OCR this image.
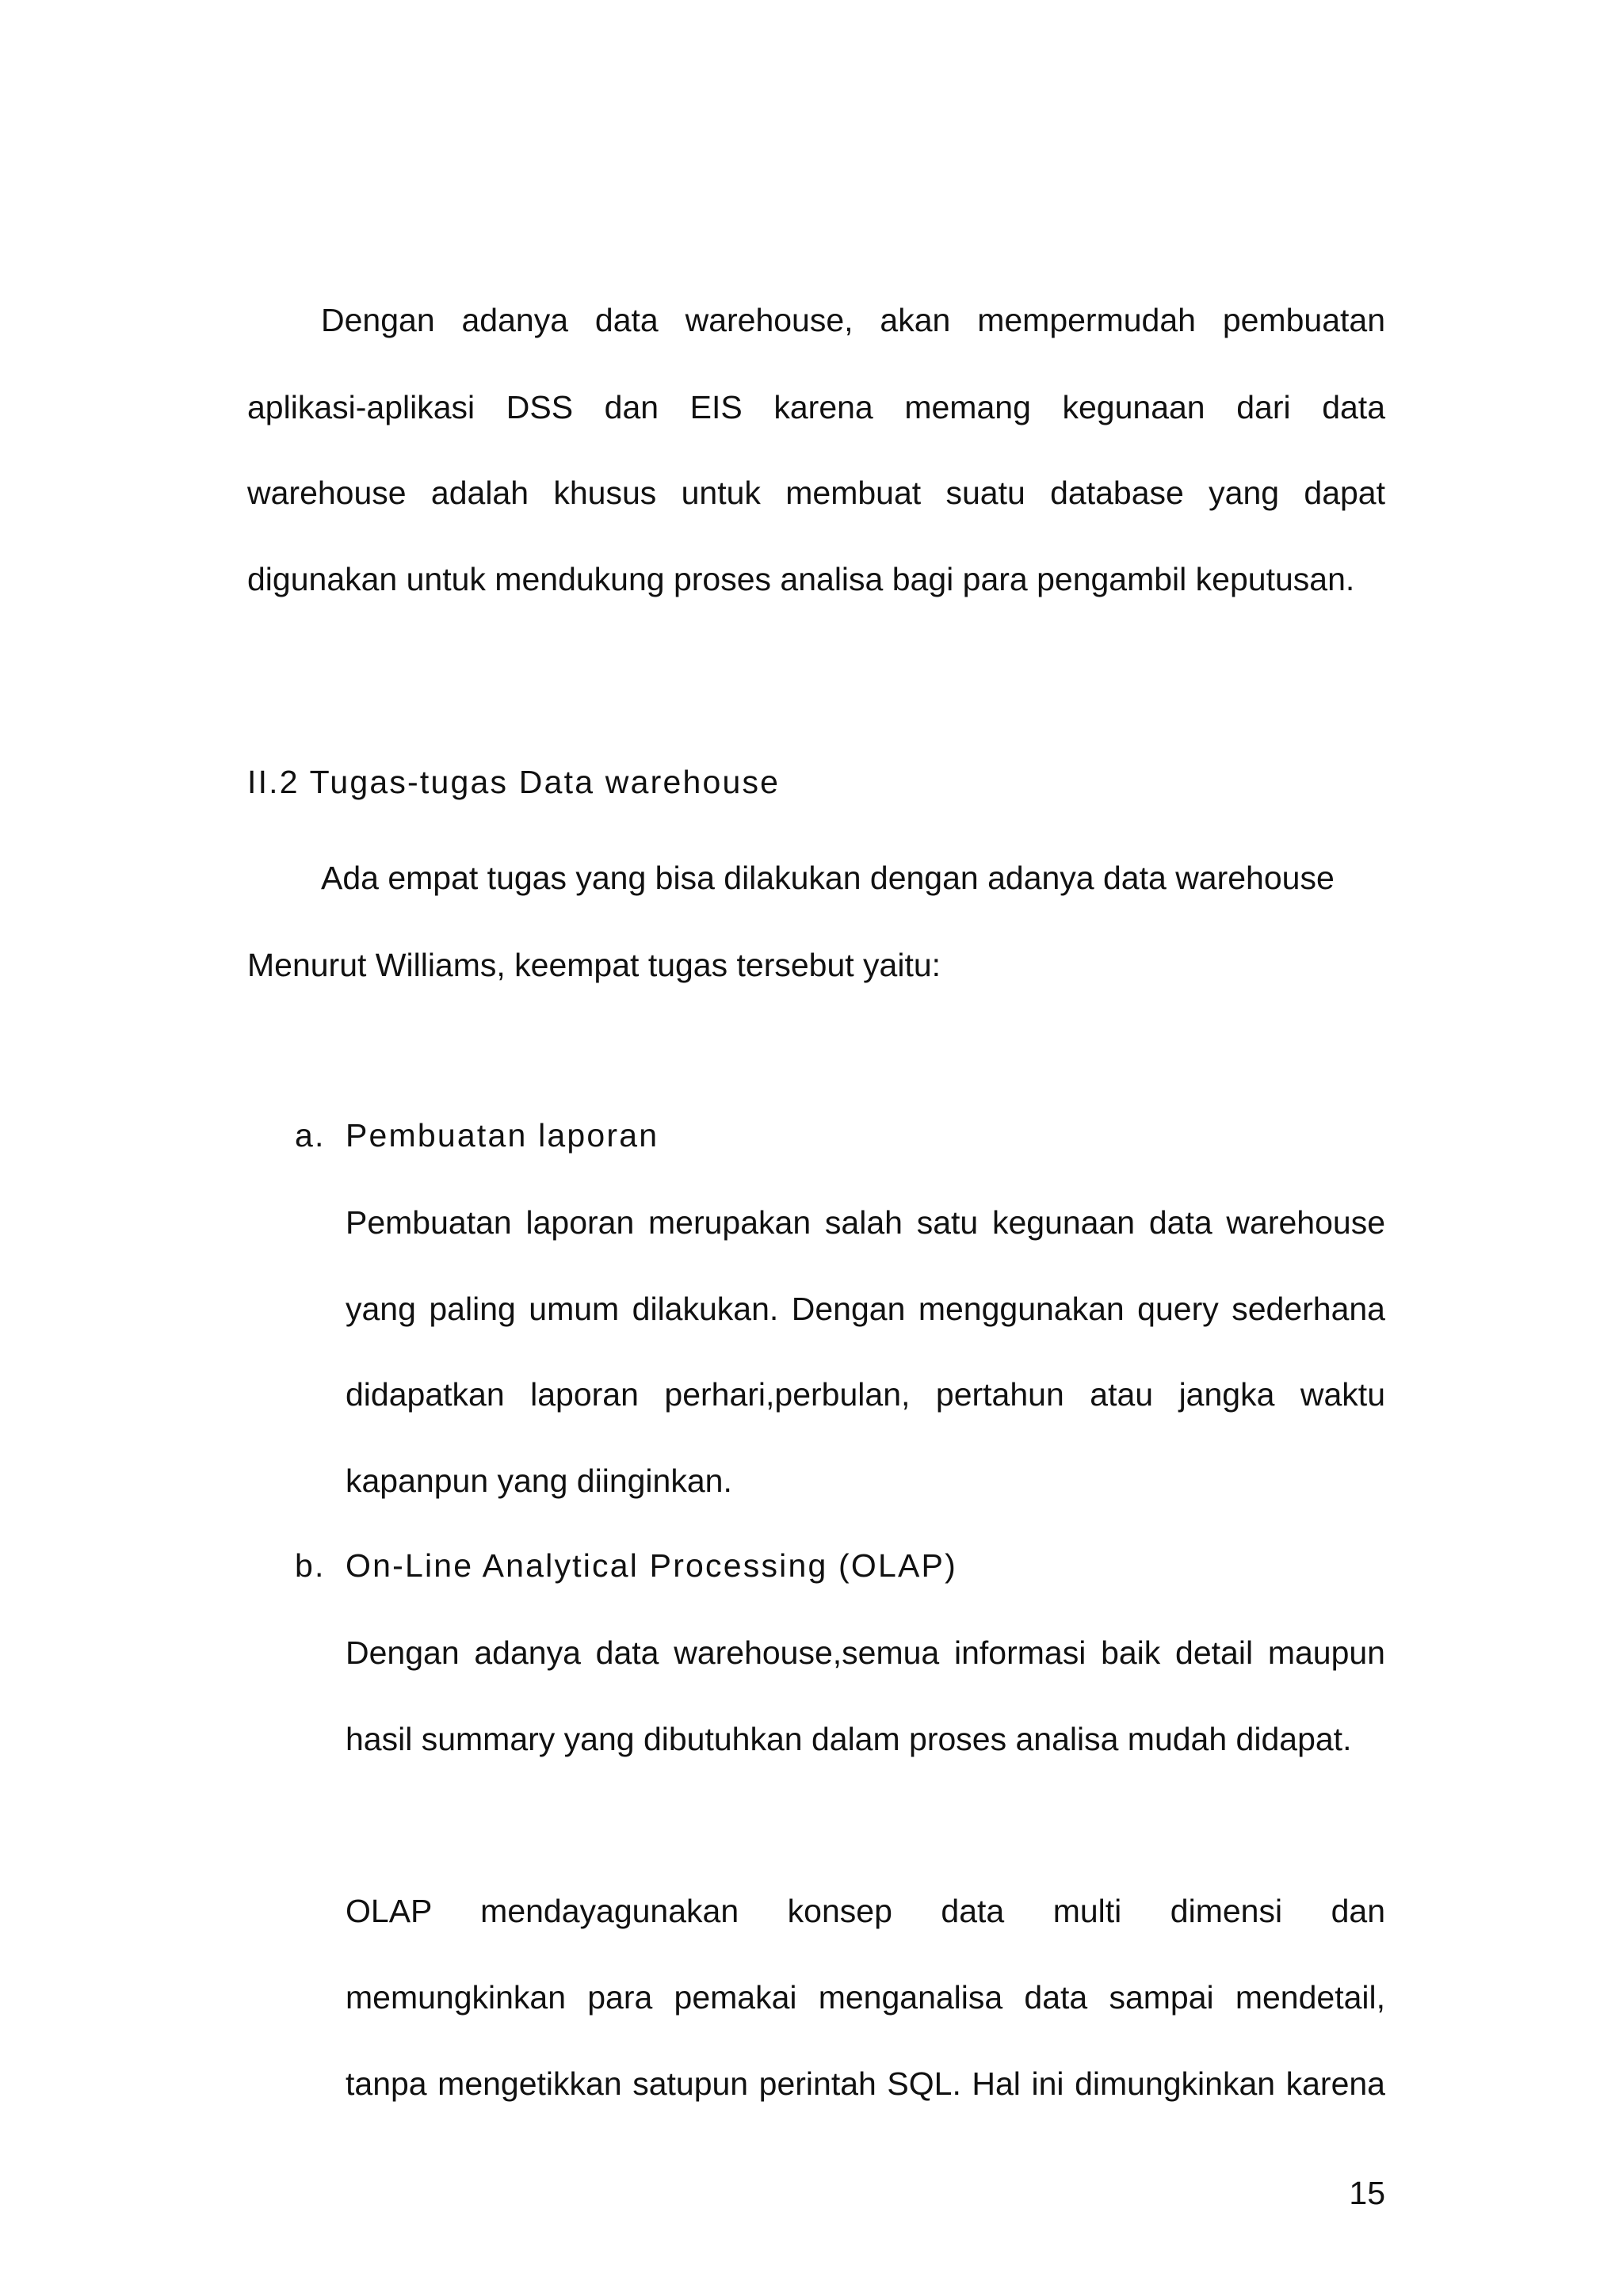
Dengan adanya data warehouse, akan mempermudah pembuatan
aplikasi-aplikasi DSS dan EIS karena memang kegunaan dari data
warehouse adalah khusus untuk membuat suatu database yang dapat
digunakan untuk mendukung proses analisa bagi para pengambil keputusan.
II.2 Tugas-tugas Data warehouse
Ada empat tugas yang bisa dilakukan dengan adanya data warehouse
Menurut Williams, keempat tugas tersebut yaitu:
a. Pembuatan laporan
Pembuatan laporan merupakan salah satu kegunaan data warehouse
yang paling umum dilakukan. Dengan menggunakan query sederhana
didapatkan laporan perhari,perbulan, pertahun atau jangka waktu
kapanpun yang diinginkan.
b. On-Line Analytical Processing (OLAP)
Dengan adanya data warehouse,semua informasi baik detail maupun
hasil summary yang dibutuhkan dalam proses analisa mudah didapat.
OLAP mendayagunakan konsep data multi dimensi dan
memungkinkan para pemakai menganalisa data sampai mendetail,
tanpa mengetikkan satupun perintah SQL. Hal ini dimungkinkan karena
15
